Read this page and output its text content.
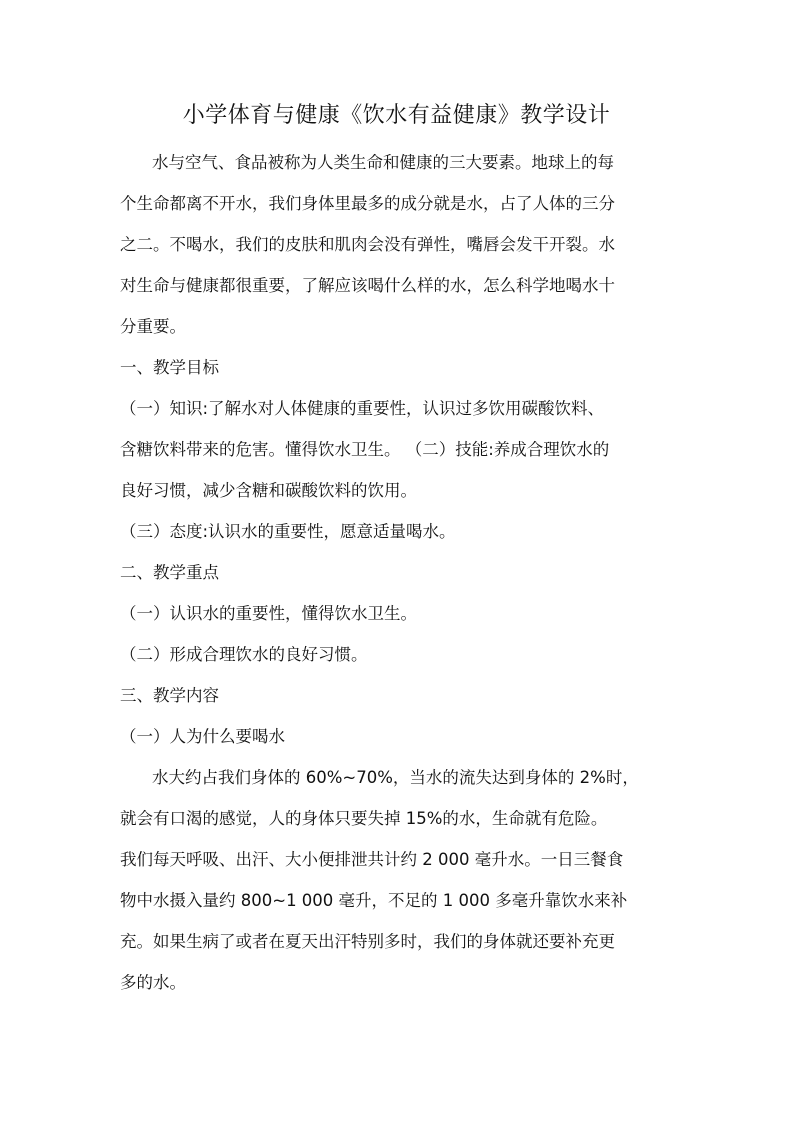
小学体育与健康《饮水有益健康》教学设计
水与空气、食品被称为人类生命和健康的三大要素。地球上的每
个生命都离不开水，我们身体里最多的成分就是水，占了人体的三分
之二。不喝水，我们的皮肤和肌肉会没有弹性，嘴唇会发干开裂。水
对生命与健康都很重要，了解应该喝什么样的水，怎么科学地喝水十
分重要。
一、教学目标
（一）知识:了解水对人体健康的重要性，认识过多饮用碳酸饮料、
含糖饮料带来的危害。懂得饮水卫生。 （二）技能:养成合理饮水的
良好习惯，减少含糖和碳酸饮料的饮用。
（三）态度:认识水的重要性，愿意适量喝水。
二、教学重点
（一）认识水的重要性，懂得饮水卫生。
（二）形成合理饮水的良好习惯。
三、教学内容
（一）人为什么要喝水
水大约占我们身体的 60%~70%，当水的流失达到身体的 2%时，
就会有口渴的感觉，人的身体只要失掉 15%的水，生命就有危险。
我们每天呼吸、出汗、大小便排泄共计约 2 000 毫升水。一日三餐食
物中水摄入量约 800~1 000 毫升，不足的 1 000 多毫升靠饮水来补
充。如果生病了或者在夏天出汗特别多时，我们的身体就还要补充更
多的水。
